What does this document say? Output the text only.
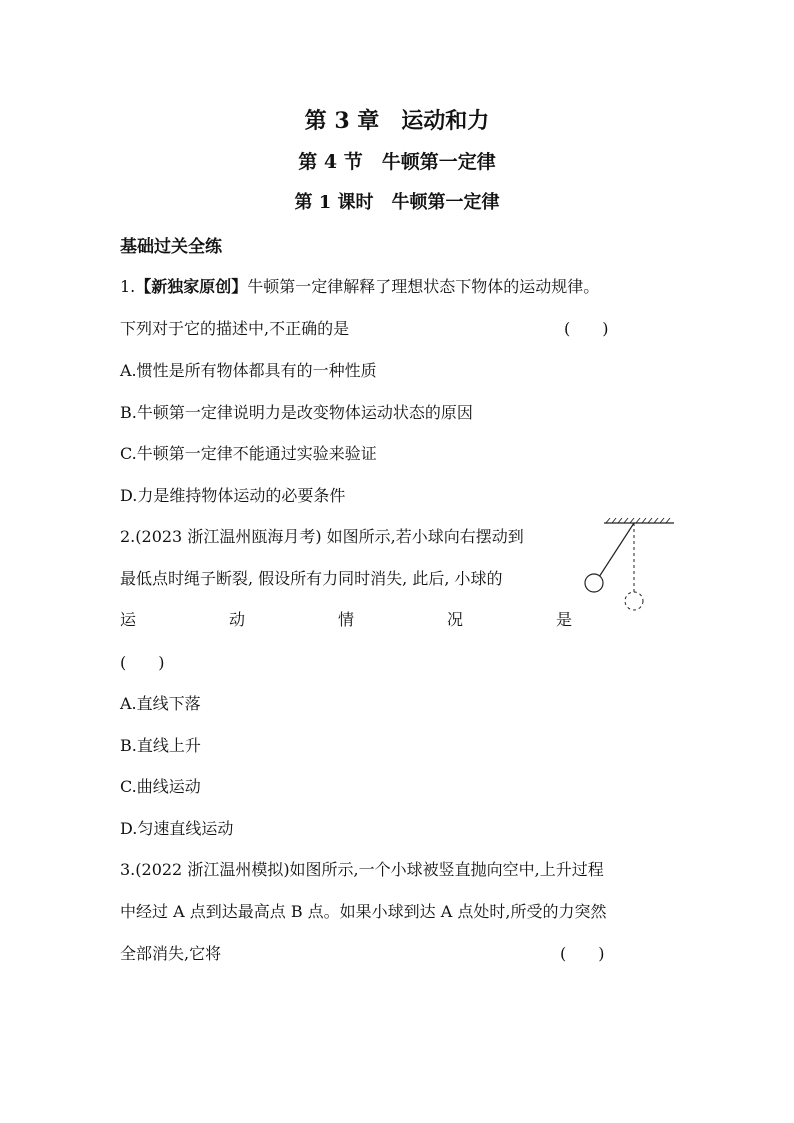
第 3 章　运动和力
第 4 节　牛顿第一定律
第 1 课时　牛顿第一定律
基础过关全练
1.【新独家原创】牛顿第一定律解释了理想状态下物体的运动规律。
下列对于它的描述中,不正确的是	(　　)
A.惯性是所有物体都具有的一种性质
B.牛顿第一定律说明力是改变物体运动状态的原因
C.牛顿第一定律不能通过实验来验证
D.力是维持物体运动的必要条件
2.(2023 浙江温州瓯海月考) 如图所示,若小球向右摆动到
最低点时绳子断裂, 假设所有力同时消失, 此后, 小球的
运	动	情	况	是
(　　)
A.直线下落
B.直线上升
C.曲线运动
D.匀速直线运动
3.(2022 浙江温州模拟)如图所示,一个小球被竖直抛向空中,上升过程
中经过 A 点到达最高点 B 点。如果小球到达 A 点处时,所受的力突然
全部消失,它将	(　　)
